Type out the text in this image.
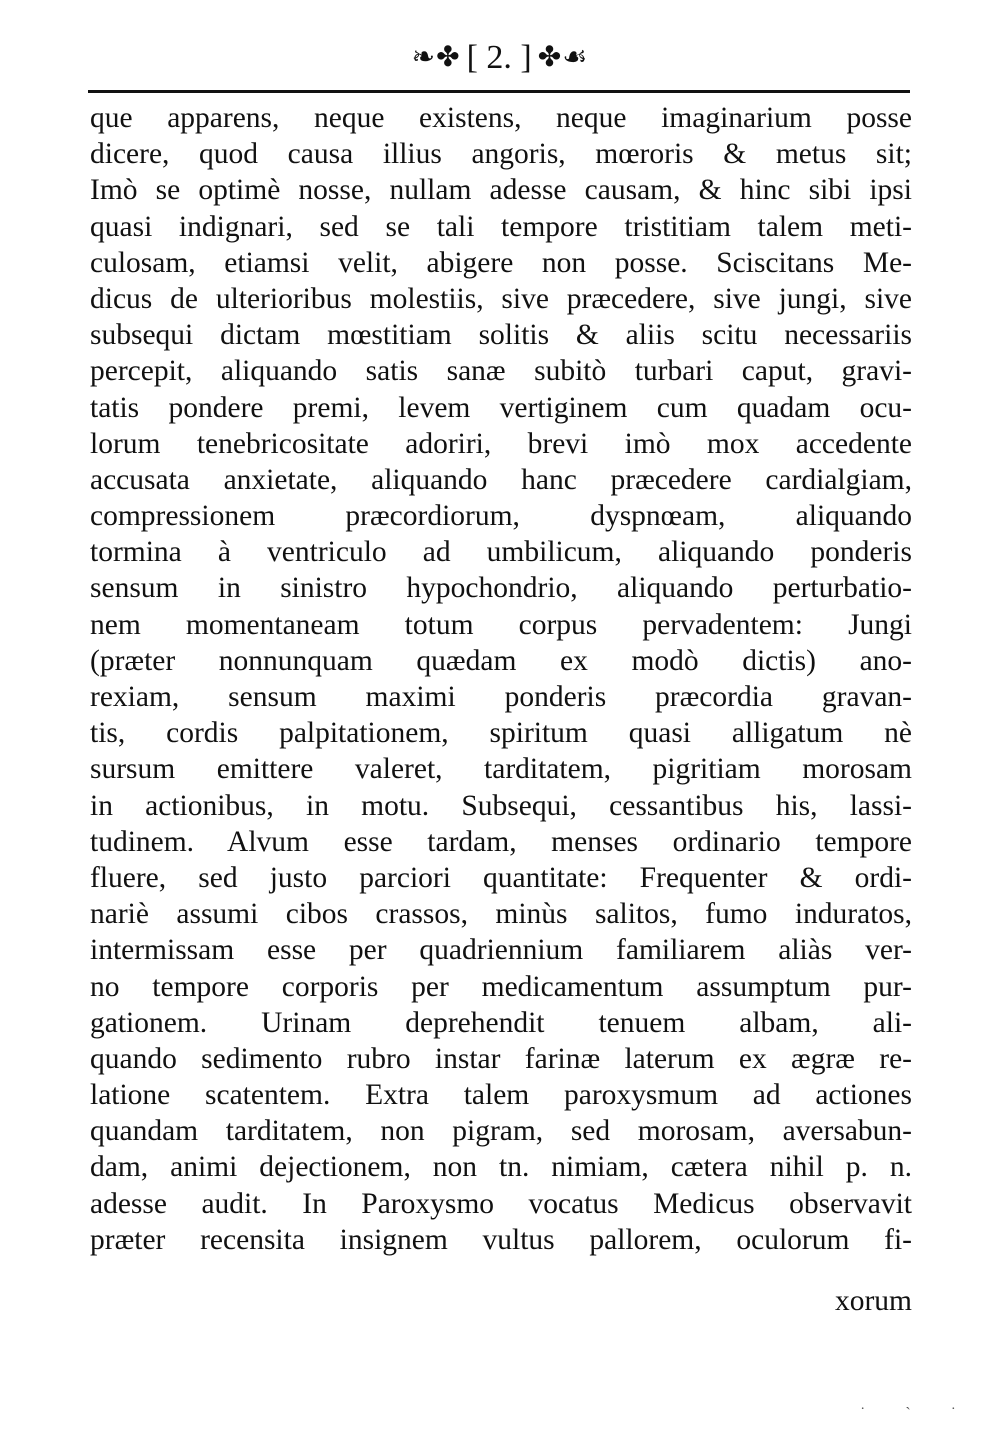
❧✤ [ 2. ] ✤☙
que apparens, neque existens, neque imaginarium posse
dicere, quod causa illius angoris, mœroris & metus sit;
Imò se optimè nosse, nullam adesse causam, & hinc sibi ipsi
quasi indignari, sed se tali tempore tristitiam talem meti-
culosam, etiamsi velit, abigere non posse. Sciscitans Me-
dicus de ulterioribus molestiis, sive præcedere, sive jungi, sive
subsequi dictam mœstitiam solitis & aliis scitu necessariis
percepit, aliquando satis sanæ subitò turbari caput, gravi-
tatis pondere premi, levem vertiginem cum quadam ocu-
lorum tenebricositate adoriri, brevi imò mox accedente
accusata anxietate, aliquando hanc præcedere cardialgiam,
compressionem præcordiorum, dyspnœam, aliquando
tormina à ventriculo ad umbilicum, aliquando ponderis
sensum in sinistro hypochondrio, aliquando perturbatio-
nem momentaneam totum corpus pervadentem: Jungi
(præter nonnunquam quædam ex modò dictis) ano-
rexiam, sensum maximi ponderis præcordia gravan-
tis, cordis palpitationem, spiritum quasi alligatum nè
sursum emittere valeret, tarditatem, pigritiam morosam
in actionibus, in motu. Subsequi, cessantibus his, lassi-
tudinem. Alvum esse tardam, menses ordinario tempore
fluere, sed justo parciori quantitate: Frequenter & ordi-
nariè assumi cibos crassos, minùs salitos, fumo induratos,
intermissam esse per quadriennium familiarem aliàs ver-
no tempore corporis per medicamentum assumptum pur-
gationem. Urinam deprehendit tenuem albam, ali-
quando sedimento rubro instar farinæ laterum ex ægræ re-
latione scatentem. Extra talem paroxysmum ad actiones
quandam tarditatem, non pigram, sed morosam, aversabun-
dam, animi dejectionem, non tn. nimiam, cætera nihil p. n.
adesse audit. In Paroxysmo vocatus Medicus observavit
præter recensita insignem vultus pallorem, oculorum fi-
xorum
˙ ˋ ˙
